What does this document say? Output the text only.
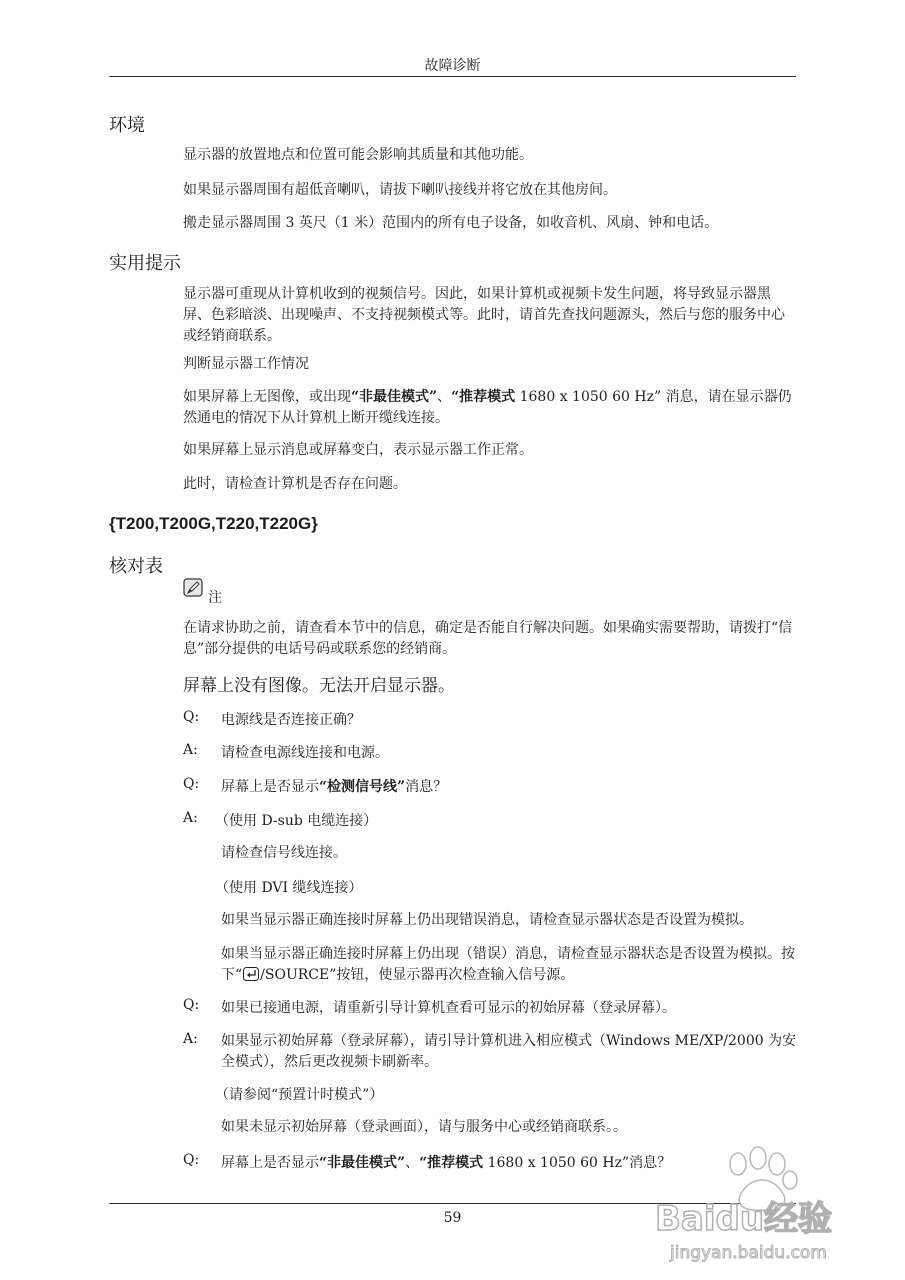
故障诊断
环境
显示器的放置地点和位置可能会影响其质量和其他功能。
如果显示器周围有超低音喇叭，请拔下喇叭接线并将它放在其他房间。
搬走显示器周围 3 英尺（1 米）范围内的所有电子设备，如收音机、风扇、钟和电话。
实用提示
显示器可重现从计算机收到的视频信号。因此，如果计算机或视频卡发生问题，将导致显示器黑屏、色彩暗淡、出现噪声、不支持视频模式等。此时，请首先查找问题源头，然后与您的服务中心或经销商联系。
判断显示器工作情况
如果屏幕上无图像，或出现“非最佳模式”、“推荐模式 1680 x 1050 60 Hz” 消息，请在显示器仍然通电的情况下从计算机上断开缆线连接。
如果屏幕上显示消息或屏幕变白，表示显示器工作正常。
此时，请检查计算机是否存在问题。
{T200,T200G,T220,T220G}
核对表
注
在请求协助之前，请查看本节中的信息，确定是否能自行解决问题。如果确实需要帮助，请拨打“信息”部分提供的电话号码或联系您的经销商。
屏幕上没有图像。无法开启显示器。
Q: 电源线是否连接正确？
A: 请检查电源线连接和电源。
Q: 屏幕上是否显示“检测信号线”消息？
A: （使用 D-sub 电缆连接）
请检查信号线连接。
（使用 DVI 缆线连接）
如果当显示器正确连接时屏幕上仍出现错误消息，请检查显示器状态是否设置为模拟。
如果当显示器正确连接时屏幕上仍出现（错误）消息，请检查显示器状态是否设置为模拟。按下“ /SOURCE”按钮，使显示器再次检查输入信号源。
Q: 如果已接通电源，请重新引导计算机查看可显示的初始屏幕（登录屏幕）。
A: 如果显示初始屏幕（登录屏幕），请引导计算机进入相应模式（Windows ME/XP/2000 为安全模式），然后更改视频卡刷新率。
（请参阅“预置计时模式”）
如果未显示初始屏幕（登录画面），请与服务中心或经销商联系。。
Q: 屏幕上是否显示“非最佳模式”、“推荐模式 1680 x 1050 60 Hz”消息？
59	Baidu经验
jingyan.baidu.com
